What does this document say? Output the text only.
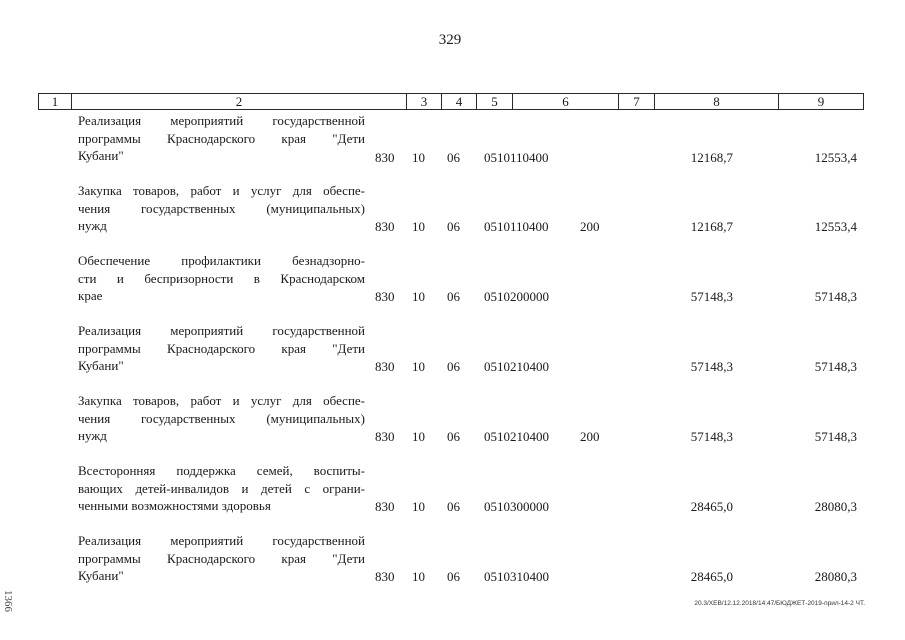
329
1	2	3	4	5	6	7	8	9
Реализация мероприятий государственной
программы Краснодарского края "Дети
Кубани"	830 10 06 0510110400	12168,7	12553,4
Закупка товаров, работ и услуг для обеспе-
чения государственных (муниципальных)
нужд	830 10 06 0510110400 200	12168,7	12553,4
Обеспечение профилактики безнадзорно-
сти и беспризорности в Краснодарском
крае	830 10 06 0510200000	57148,3	57148,3
Реализация мероприятий государственной
программы Краснодарского края "Дети
Кубани"	830 10 06 0510210400	57148,3	57148,3
Закупка товаров, работ и услуг для обеспе-
чения государственных (муниципальных)
нужд	830 10 06 0510210400 200	57148,3	57148,3
Всесторонняя поддержка семей, воспиты-
вающих детей-инвалидов и детей с ограни-
ченными возможностями здоровья	830 10 06 0510300000	28465,0	28080,3
Реализация мероприятий государственной
программы Краснодарского края "Дети
Кубани"	830 10 06 0510310400	28465,0	28080,3
20.3/ХЕВ/12.12.2018/14:47/БЮДЖЕТ-2019-прил-14-2 ЧТ.
1366
